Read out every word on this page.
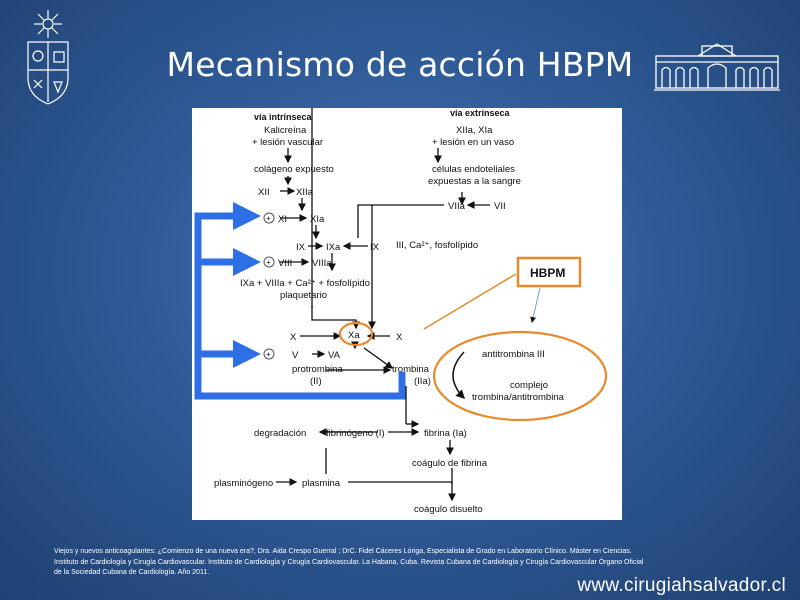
Mecanismo de acción HBPM
vía intrínseca
Kalicreína
+ lesión vascular
colágeno expuesto
XII	XIIa
+ XI XIa
IX IXa	IX
+ VIII VIIIa
IXa + VIIIa + Ca²⁺ + fosfolípido
plaquetario
vía extrínseca
XIIa, XIa
+ lesión en un vaso
células endoteliales
expuestas a la sangre
VIIa	VII
III, Ca²⁺, fosfolípido
X	Xa	X
+ V	VA
protrombina
(II)
trombina
(IIa)
degradación fibrinógeno (I)	fibrina (Ia)
coágulo de fibrina
plasminógeno	plasmina
coágulo disuelto
HBPM
antitrombina III
complejo
trombina/antitrombina
Viejos y nuevos anticoagulantes: ¿Comienzo de una nueva era?, Dra. Aida Crespo Guerral ; DrC. Fidel Cáceres Lóriga, Especialista de Grado en Laboratorio Clínico. Máster en Ciencias.
Instituto de Cardiología y Cirugía Cardiovascular. Instituto de Cardiología y Cirugía Cardiovascular. La Habana, Cuba. Revista Cubana de Cardiología y Cirugía Cardiovascular Órgano Oficial
de la Sociedad Cubana de Cardiología. Año 2011.
www.cirugiahsalvador.cl
